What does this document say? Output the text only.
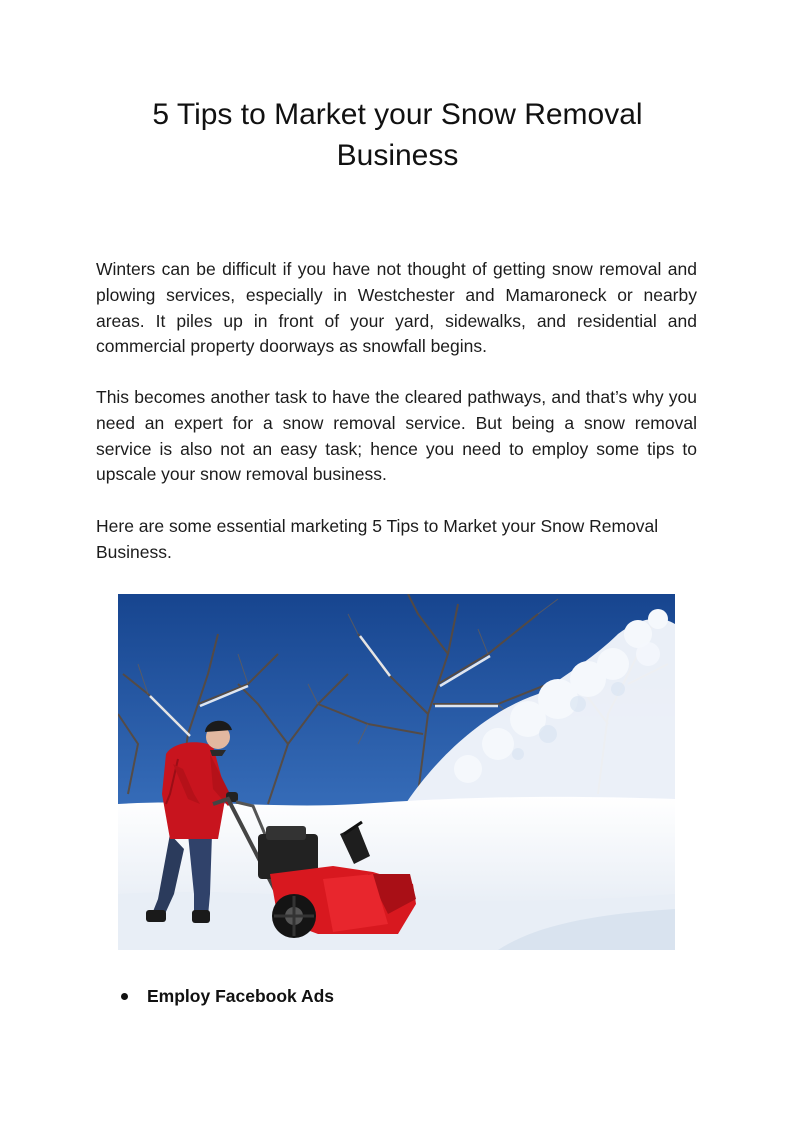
5 Tips to Market your Snow Removal Business

Winters can be difficult if you have not thought of getting snow removal and plowing services, especially in Westchester and Mamaroneck or nearby areas. It piles up in front of your yard, sidewalks, and residential and commercial property doorways as snowfall begins.

This becomes another task to have the cleared pathways, and that’s why you need an expert for a snow removal service. But being a snow removal service is also not an easy task; hence you need to employ some tips to upscale your snow removal business.

Here are some essential marketing 5 Tips to Market your Snow Removal Business.

Employ Facebook Ads
